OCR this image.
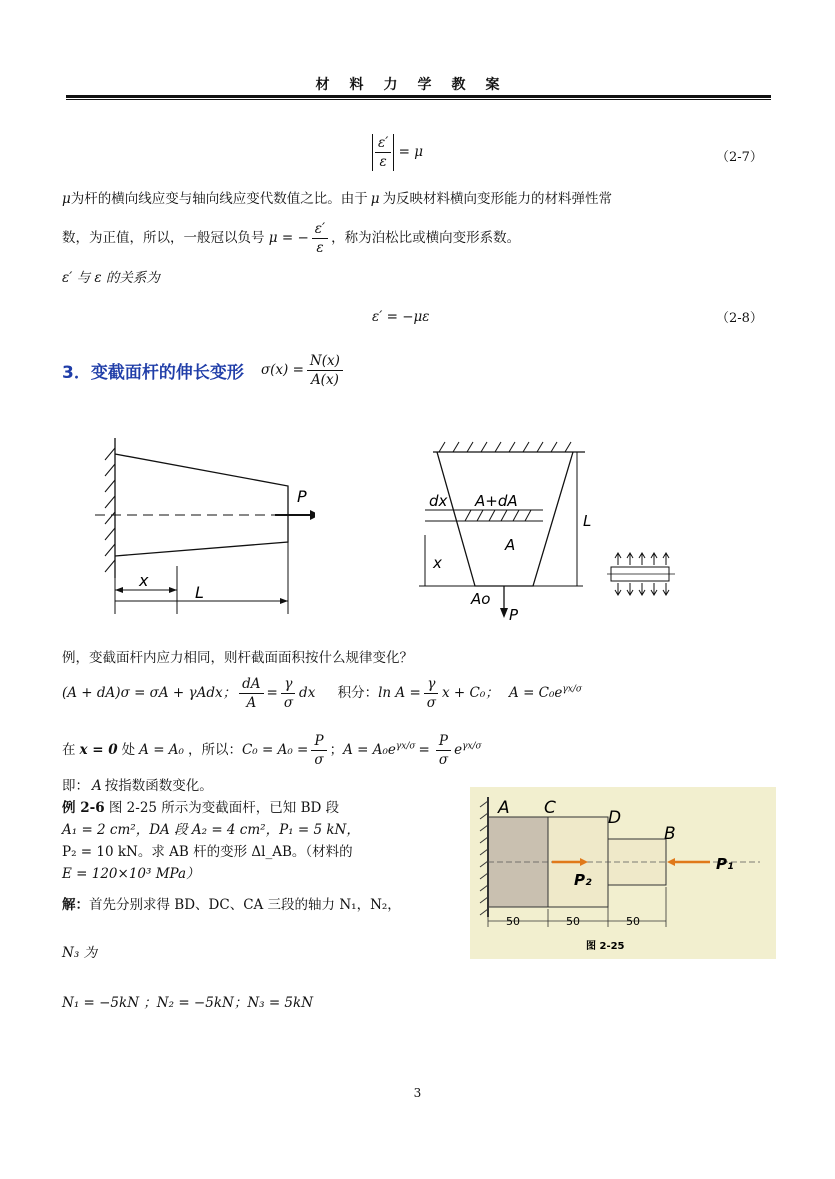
材料力学教案
$\frac{\varepsilon'}{\varepsilon} = \mu$	（2-7）
μ为杆的横向线应变与轴向线应变代数值之比。由于 μ 为反映材料横向变形能力的材料弹性常
数，为正值，所以，一般冠以负号 μ = − $\frac{\varepsilon'}{\varepsilon}$ ，称为泊松比或横向变形系数。
ε′ 与 ε 的关系为
ε′ = −με	（2-8）
3．变截面杆的伸长变形 $\sigma(x) = \frac{N(x)}{A(x)}$
P
x
L
dx A+dA
A
x
L
Ao
P
例，变截面杆内应力相同，则杆截面面积按什么规律变化？
(A + dA)σ = σA + γAdx； $\frac{dA}{A} = \frac{\gamma}{\sigma}$ dx 积分：$\ln A = \frac{\gamma}{\sigma}$ x + C₀； $A = C_0e^{\gamma x/\sigma}$
在 x = 0 处 A = A₀ ，所以：$C_0 = A_0 = \frac{P}{\sigma}$ ；$A = A_0e^{\gamma x/\sigma} = \frac{P}{\sigma} e^{\gamma x/\sigma}$
即： A 按指数函数变化。
例 2-6 图 2-25 所示为变截面杆，已知 BD 段
A₁ = 2 cm²，DA 段 A₂ = 4 cm²，P₁ = 5 kN，
P₂ = 10 kN。求 AB 杆的变形 Δl_AB。（材料的
E = 120×10³ MPa）
解：首先分别求得 BD、DC、CA 三段的轴力 N₁，N₂，
N₃ 为
N₁ = −5kN ；N₂ = −5kN；N₃ = 5kN
A C	D
B
P₂
P₁
50	50	50
图 2-25
3
